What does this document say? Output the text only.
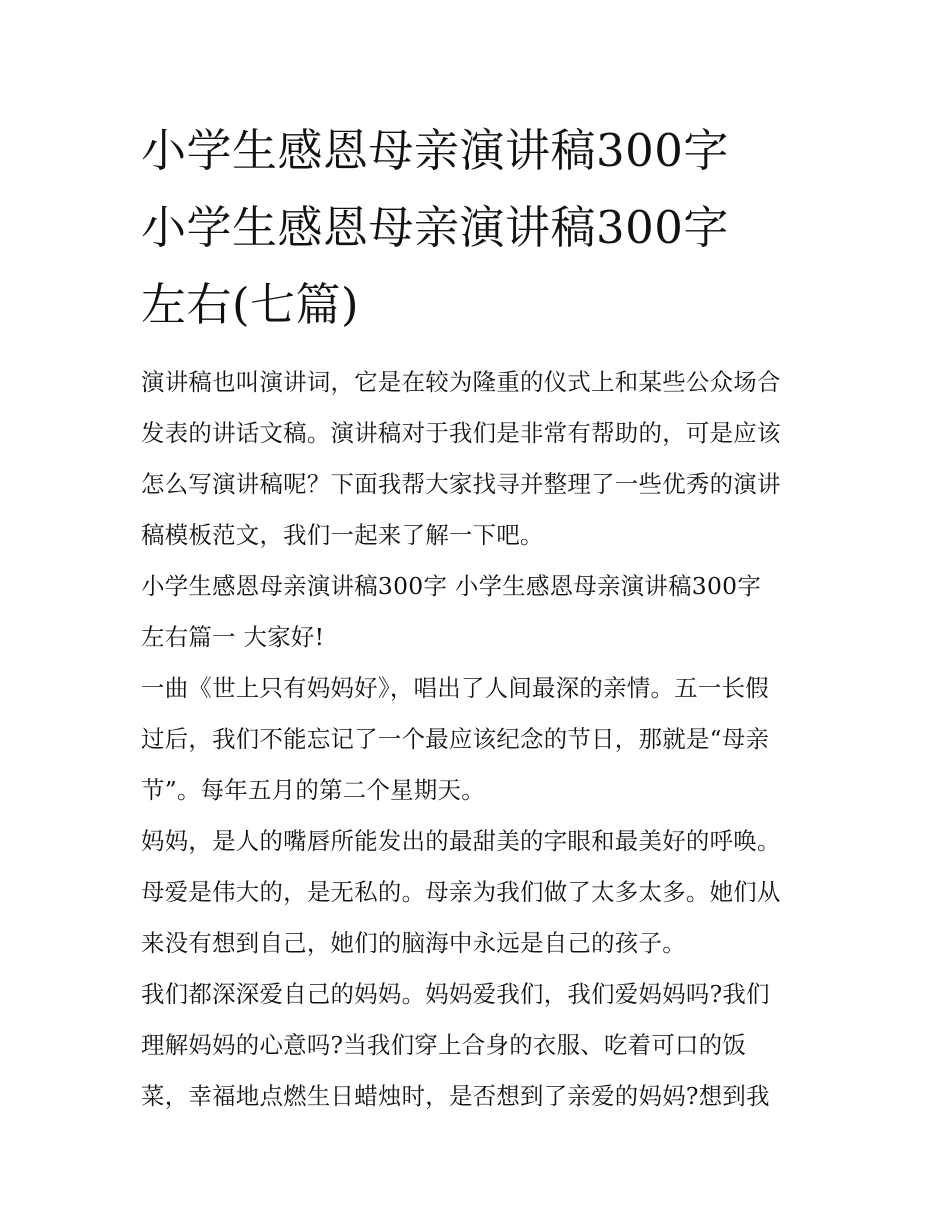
小学生感恩母亲演讲稿300字
小学生感恩母亲演讲稿300字
左右(七篇)

演讲稿也叫演讲词，它是在较为隆重的仪式上和某些公众场合
发表的讲话文稿。演讲稿对于我们是非常有帮助的，可是应该
怎么写演讲稿呢？下面我帮大家找寻并整理了一些优秀的演讲
稿模板范文，我们一起来了解一下吧。

小学生感恩母亲演讲稿300字 小学生感恩母亲演讲稿300字
左右篇一 大家好!

一曲《世上只有妈妈好》，唱出了人间最深的亲情。五一长假
过后，我们不能忘记了一个最应该纪念的节日，那就是“母亲
节”。每年五月的第二个星期天。

妈妈，是人的嘴唇所能发出的最甜美的字眼和最美好的呼唤。
母爱是伟大的，是无私的。母亲为我们做了太多太多。她们从
来没有想到自己，她们的脑海中永远是自己的孩子。

我们都深深爱自己的妈妈。妈妈爱我们，我们爱妈妈吗?我们
理解妈妈的心意吗?当我们穿上合身的衣服、吃着可口的饭
菜，幸福地点燃生日蜡烛时，是否想到了亲爱的妈妈?想到我
